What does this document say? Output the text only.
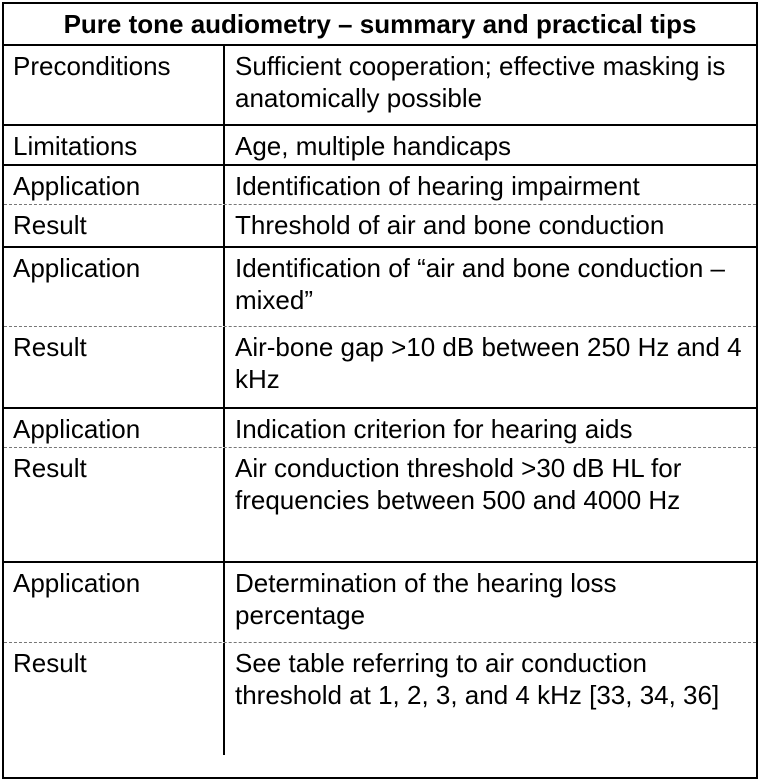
Pure tone audiometry – summary and practical tips
Preconditions	Sufficient cooperation; effective masking is anatomically possible
Limitations	Age, multiple handicaps
Application	Identification of hearing impairment
Result	Threshold of air and bone conduction
Application	Identification of “air and bone conduction – mixed”
Result	Air-bone gap >10 dB between 250 Hz and 4 kHz
Application	Indication criterion for hearing aids
Result	Air conduction threshold >30 dB HL for frequencies between 500 and 4000 Hz
Application	Determination of the hearing loss percentage
Result	See table referring to air conduction threshold at 1, 2, 3, and 4 kHz [33, 34, 36]
